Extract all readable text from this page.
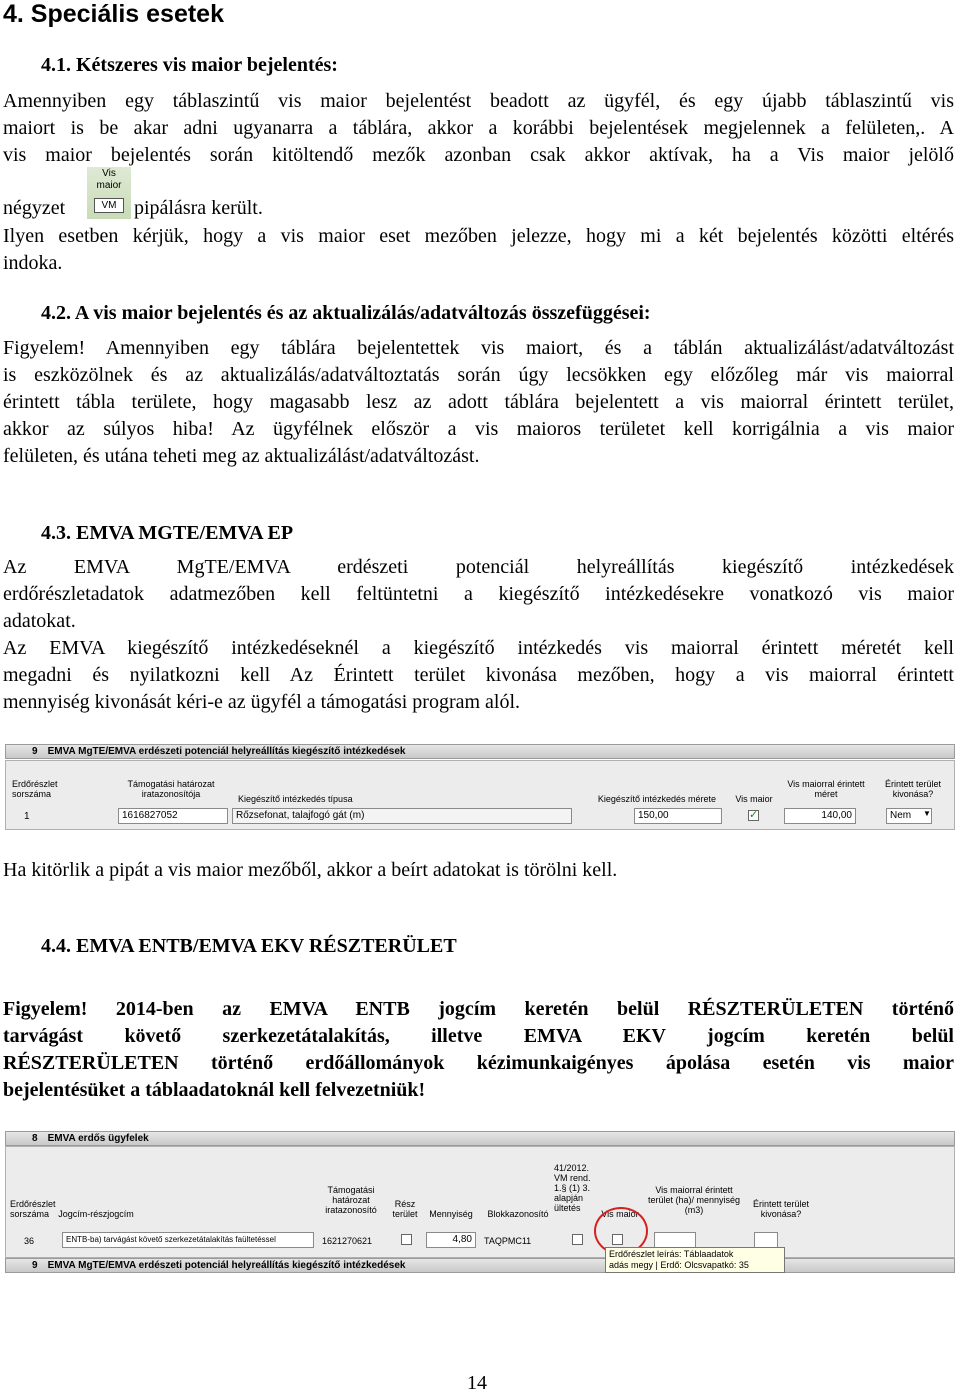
4. Speciális esetek
4.1. Kétszeres vis maior bejelentés:
Amennyiben egy táblaszintű vis maior bejelentést beadott az ügyfél, és egy újabb táblaszintű vis
maiort is be akar adni ugyanarra a táblára, akkor a korábbi bejelentések megjelennek a felületen,. A
vis maior bejelentés során kitöltendő mezők azonban csak akkor aktívak, ha a Vis maior jelölő
négyzet
Vis
maior
VM pipálásra került.
Ilyen esetben kérjük, hogy a vis maior eset mezőben jelezze, hogy mi a két bejelentés közötti eltérés
indoka.
4.2. A vis maior bejelentés és az aktualizálás/adatváltozás összefüggései:
Figyelem! Amennyiben egy táblára bejelentettek vis maiort, és a táblán aktualizálást/adatváltozást
is eszközölnek és az aktualizálás/adatváltoztatás során úgy lecsökken egy előzőleg már vis maiorral
érintett tábla területe, hogy magasabb lesz az adott táblára bejelentett a vis maiorral érintett terület,
akkor az súlyos hiba! Az ügyfélnek először a vis maioros területet kell korrigálnia a vis maior
felületen, és utána teheti meg az aktualizálást/adatváltozást.
4.3. EMVA MGTE/EMVA EP
Az EMVA MgTE/EMVA erdészeti potenciál helyreállítás kiegészítő intézkedések
erdőrészletadatok adatmezőben kell feltüntetni a kiegészítő intézkedésekre vonatkozó vis maior
adatokat.
Az EMVA kiegészítő intézkedéseknél a kiegészítő intézkedés vis maiorral érintett méretét kell
megadni és nyilatkozni kell Az Érintett terület kivonása mezőben, hogy a vis maiorral érintett
mennyiség kivonását kéri-e az ügyfél a támogatási program alól.
9 EMVA MgTE/EMVA erdészeti potenciál helyreállítás kiegészítő intézkedések
Erdőrészlet sorszáma
Támogatási határozat iratazonosítója	Kiegészítő intézkedés típusa	Kiegészítő intézkedés mérete	Vis maior
Vis maiorral érintett méret
Érintett terület kivonása?
1	1616827052	Rőzsefonat, talajfogó gát (m)	150,00
✓	140,00	Nem	▼
Ha kitörlik a pipát a vis maior mezőből, akkor a beírt adatokat is törölni kell.
4.4. EMVA ENTB/EMVA EKV RÉSZTERÜLET
Figyelem! 2014-ben az EMVA ENTB jogcím keretén belül RÉSZTERÜLETEN történő
tarvágást követő szerkezetátalakítás, illetve EMVA EKV jogcím keretén belül
RÉSZTERÜLETEN történő erdőállományok kézimunkaigényes ápolása esetén vis maior
bejelentésüket a táblaadatoknál kell felvezetniük!
8 EMVA erdős ügyfelek
Erdőrészlet sorszáma	Jogcím-részjogcím
Támogatási határozat iratazonosító
Rész terület	Mennyiség	Blokkazonosító
41/2012. VM rend. 1.§ (1) 3. alapján ültetés
Vis maior
Vis maiorral érintett terület (ha)/ mennyiség (m3)
Érintett terület kivonása?
36	ENTB-ba) tarvágást követő szerkezetátalakítás faültetéssel	1621270621	4,80	TAQPMC11
9 EMVA MgTE/EMVA erdészeti potenciál helyreállítás kiegészítő intézkedések
Erdőrészlet leírás: Táblaadatok
adás megy | Erdő: Olcsvapatkó: 35
14
